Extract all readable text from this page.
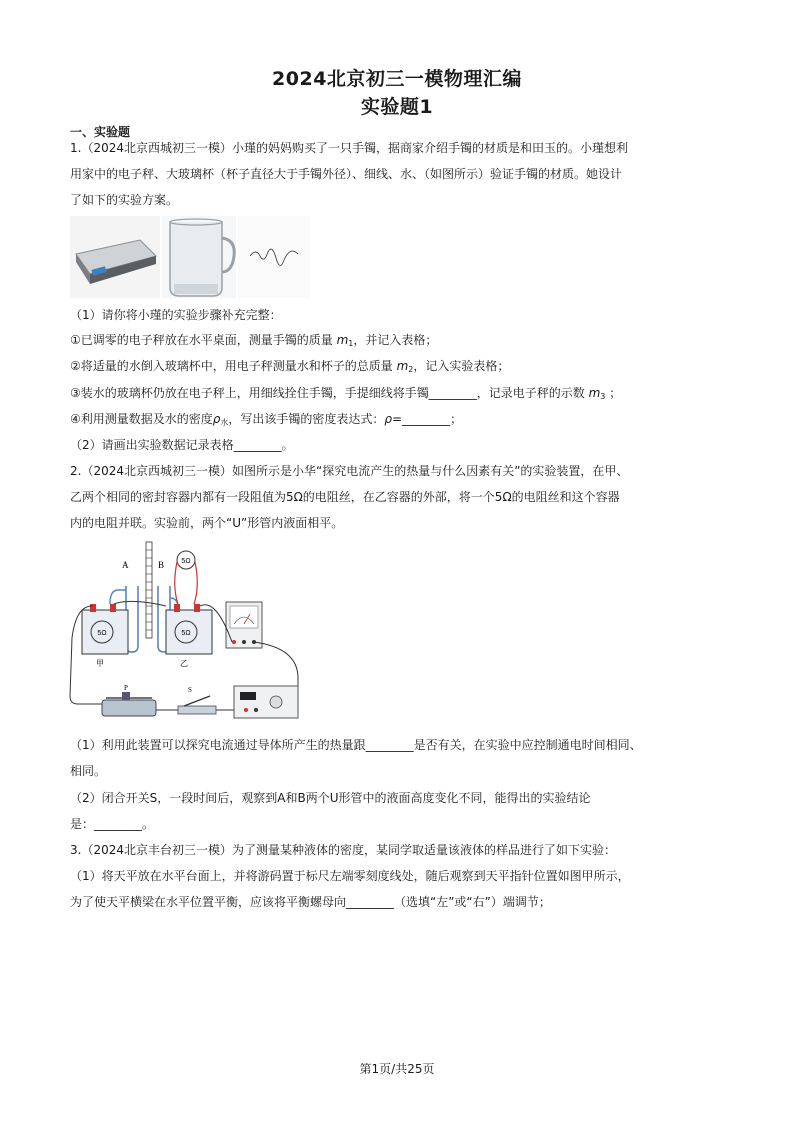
2024北京初三一模物理汇编
实验题1
一、实验题
1.（2024北京西城初三一模）小瑾的妈妈购买了一只手镯，据商家介绍手镯的材质是和田玉的。小瑾想利
用家中的电子秤、大玻璃杯（杯子直径大于手镯外径）、细线、水、（如图所示）验证手镯的材质。她设计
了如下的实验方案。
（1）请你将小瑾的实验步骤补充完整：
①已调零的电子秤放在水平桌面，测量手镯的质量 $m_1$，并记入表格；
②将适量的水倒入玻璃杯中，用电子秤测量水和杯子的总质量 $m_2$，记入实验表格；
③装水的玻璃杯仍放在电子秤上，用细线拴住手镯，手提细线将手镯________，记录电子秤的示数 $m_3$ ；
④利用测量数据及水的密度$\rho_水$，写出该手镯的密度表达式：ρ=________；
（2）请画出实验数据记录表格________。
2.（2024北京西城初三一模）如图所示是小华“探究电流产生的热量与什么因素有关”的实验装置，在甲、
乙两个相同的密封容器内都有一段阻值为5Ω的电阻丝，在乙容器的外部，将一个5Ω的电阻丝和这个容器
内的电阻并联。实验前，两个“U”形管内液面相平。
A	B 5Ω
5Ω
甲
5Ω
乙
P	S
（1）利用此装置可以探究电流通过导体所产生的热量跟________是否有关，在实验中应控制通电时间相同、
相同。
（2）闭合开关S，一段时间后，观察到A和B两个U形管中的液面高度变化不同，能得出的实验结论
是：________。
3.（2024北京丰台初三一模）为了测量某种液体的密度，某同学取适量该液体的样品进行了如下实验：
（1）将天平放在水平台面上，并将游码置于标尺左端零刻度线处，随后观察到天平指针位置如图甲所示，
为了使天平横梁在水平位置平衡，应该将平衡螺母向________（选填“左”或“右”）端调节；
第1页/共25页
